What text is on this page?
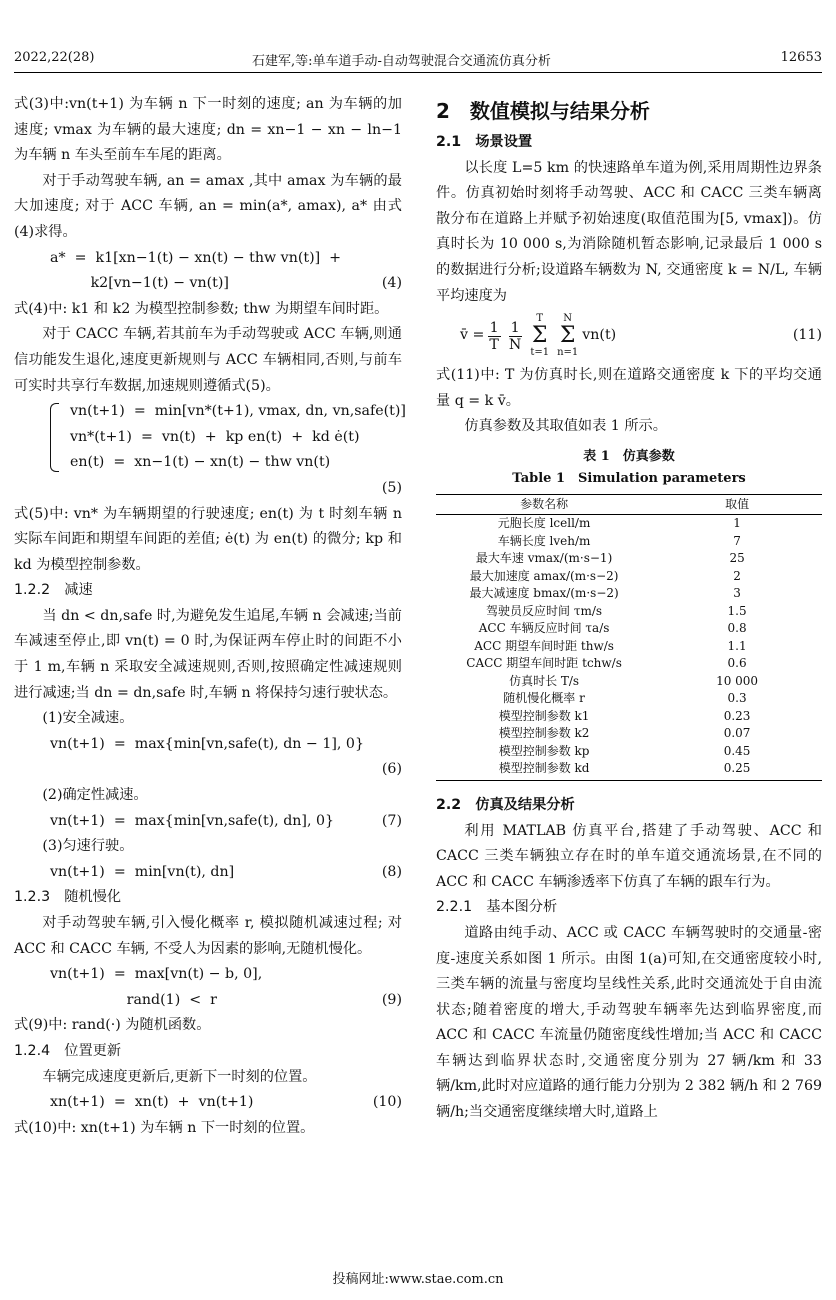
2022,22(28)	石建军,等:单车道手动-自动驾驶混合交通流仿真分析	12653

式(3)中:vn(t+1) 为车辆 n 下一时刻的速度; an 为车辆的加速度; vmax 为车辆的最大速度; dn = xn−1 − xn − ln−1 为车辆 n 车头至前车车尾的距离。

对于手动驾驶车辆, an = amax ,其中 amax 为车辆的最大加速度; 对于 ACC 车辆, an = min(a*, amax), a* 由式(4)求得。

a*  =  k1[xn−1(t) − xn(t) − thw vn(t)]  +
k2[vn−1(t) − vn(t)]	(4)

式(4)中: k1 和 k2 为模型控制参数; thw 为期望车间时距。

对于 CACC 车辆,若其前车为手动驾驶或 ACC 车辆,则通信功能发生退化,速度更新规则与 ACC 车辆相同,否则,与前车可实时共享行车数据,加速规则遵循式(5)。

vn(t+1)  =  min[vn*(t+1), vmax, dn, vn,safe(t)]
vn*(t+1)  =  vn(t)  +  kp en(t)  +  kd ė(t)
en(t)  =  xn−1(t) − xn(t) − thw vn(t)
(5)

式(5)中: vn* 为车辆期望的行驶速度; en(t) 为 t 时刻车辆 n 实际车间距和期望车间距的差值; ė(t) 为 en(t) 的微分; kp 和 kd 为模型控制参数。

1.2.2　减速

当 dn < dn,safe 时,为避免发生追尾,车辆 n 会减速;当前车减速至停止,即 vn(t) = 0 时,为保证两车停止时的间距不小于 1 m,车辆 n 采取安全减速规则,否则,按照确定性减速规则进行减速;当 dn = dn,safe 时,车辆 n 将保持匀速行驶状态。

(1)安全减速。

vn(t+1)  =  max{min[vn,safe(t), dn − 1], 0}
(6)

(2)确定性减速。

vn(t+1)  =  max{min[vn,safe(t), dn], 0}	(7)

(3)匀速行驶。

vn(t+1)  =  min[vn(t), dn]	(8)

1.2.3　随机慢化

对手动驾驶车辆,引入慢化概率 r, 模拟随机减速过程; 对 ACC 和 CACC 车辆, 不受人为因素的影响,无随机慢化。

vn(t+1)  =  max[vn(t) − b, 0],
rand(1)  <  r	(9)

式(9)中: rand(·) 为随机函数。

1.2.4　位置更新

车辆完成速度更新后,更新下一时刻的位置。

xn(t+1)  =  xn(t)  +  vn(t+1)	(10)

式(10)中: xn(t+1) 为车辆 n 下一时刻的位置。

2　数值模拟与结果分析

2.1　场景设置

以长度 L=5 km 的快速路单车道为例,采用周期性边界条件。仿真初始时刻将手动驾驶、ACC 和 CACC 三类车辆离散分布在道路上并赋予初始速度(取值范围为[5, vmax])。仿真时长为 10 000 s,为消除随机暂态影响,记录最后 1 000 s 的数据进行分析;设道路车辆数为 N, 交通密度 k = N/L, 车辆平均速度为

v̄ = $\frac{1}{T} \frac{1}{N}$
T
Σ
t=1
N
Σ
n=1
vn(t)	(11)

式(11)中: T 为仿真时长,则在道路交通密度 k 下的平均交通量 q = k v̄。

仿真参数及其取值如表 1 所示。

表 1　仿真参数
Table 1　Simulation parameters
参数名称	取值
元胞长度 lcell/m	1
车辆长度 lveh/m	7
最大车速 vmax/(m·s−1)	25
最大加速度 amax/(m·s−2)	2
最大减速度 bmax/(m·s−2)	3
驾驶员反应时间 τm/s	1.5
ACC 车辆反应时间 τa/s	0.8
ACC 期望车间时距 thw/s	1.1
CACC 期望车间时距 tchw/s	0.6
仿真时长 T/s	10 000
随机慢化概率 r	0.3
模型控制参数 k1	0.23
模型控制参数 k2	0.07
模型控制参数 kp	0.45
模型控制参数 kd	0.25

2.2　仿真及结果分析

利用 MATLAB 仿真平台,搭建了手动驾驶、ACC 和 CACC 三类车辆独立存在时的单车道交通流场景,在不同的 ACC 和 CACC 车辆渗透率下仿真了车辆的跟车行为。

2.2.1　基本图分析

道路由纯手动、ACC 或 CACC 车辆驾驶时的交通量-密度-速度关系如图 1 所示。由图 1(a)可知,在交通密度较小时,三类车辆的流量与密度均呈线性关系,此时交通流处于自由流状态;随着密度的增大,手动驾驶车辆率先达到临界密度,而 ACC 和 CACC 车流量仍随密度线性增加;当 ACC 和 CACC 车辆达到临界状态时,交通密度分别为 27 辆/km 和 33 辆/km,此时对应道路的通行能力分别为 2 382 辆/h 和 2 769 辆/h;当交通密度继续增大时,道路上

投稿网址:www.stae.com.cn
